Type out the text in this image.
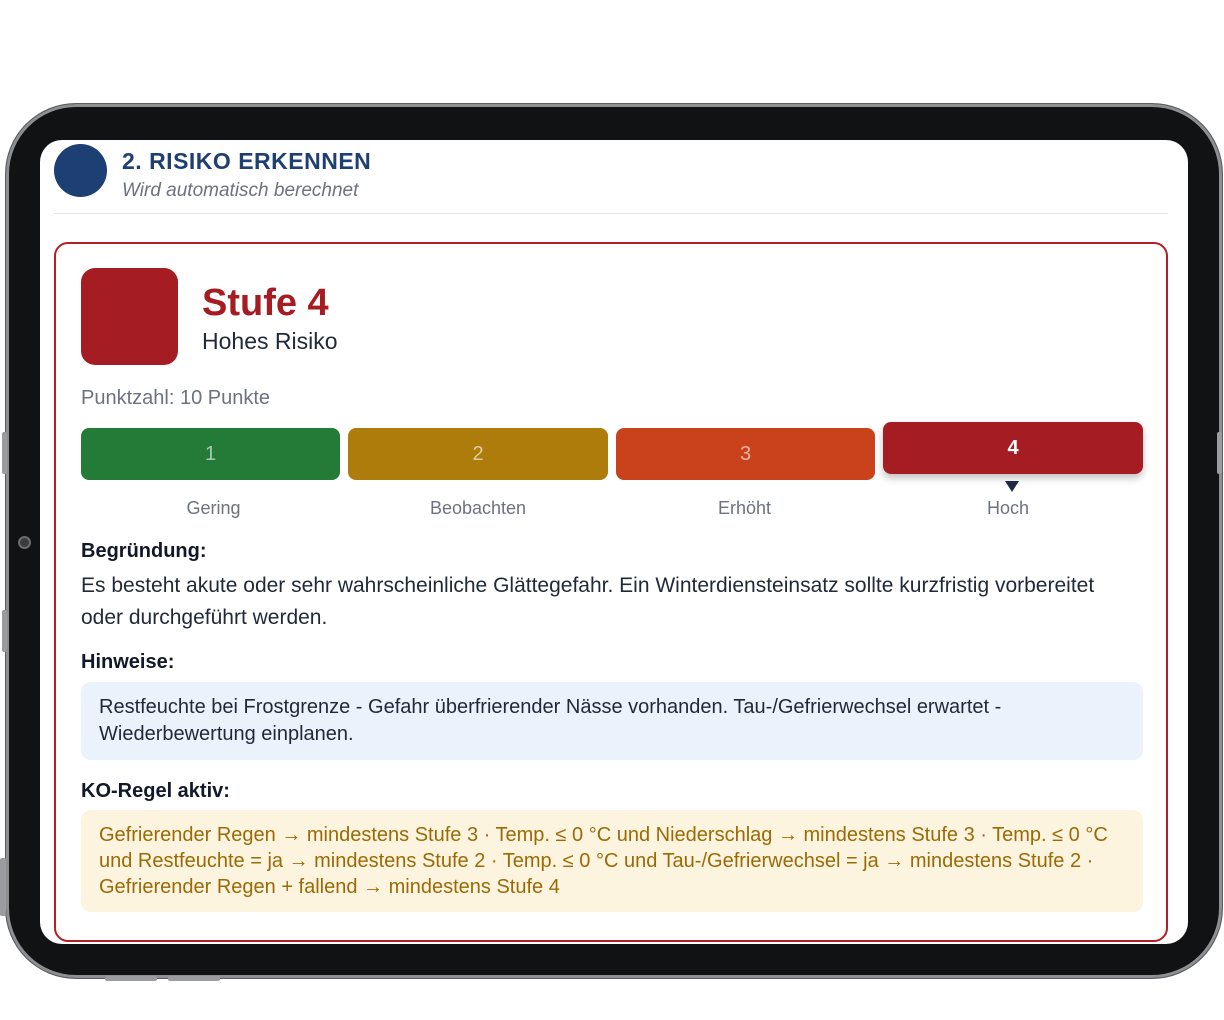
2. RISIKO ERKENNEN
Wird automatisch berechnet
Stufe 4
Hohes Risiko
Punktzahl: 10 Punkte
1	2	3	4
Gering	Beobachten	Erhöht	Hoch
Begründung:
Es besteht akute oder sehr wahrscheinliche Glättegefahr. Ein Winterdiensteinsatz sollte kurzfristig vorbereitet oder durchgeführt werden.
Hinweise:
Restfeuchte bei Frostgrenze - Gefahr überfrierender Nässe vorhanden. Tau-/Gefrierwechsel erwartet - Wiederbewertung einplanen.
KO-Regel aktiv:
Gefrierender Regen → mindestens Stufe 3 · Temp. ≤ 0 °C und Niederschlag → mindestens Stufe 3 · Temp. ≤ 0 °C und Restfeuchte = ja → mindestens Stufe 2 · Temp. ≤ 0 °C und Tau-/Gefrierwechsel = ja → mindestens Stufe 2 · Gefrierender Regen + fallend → mindestens Stufe 4
